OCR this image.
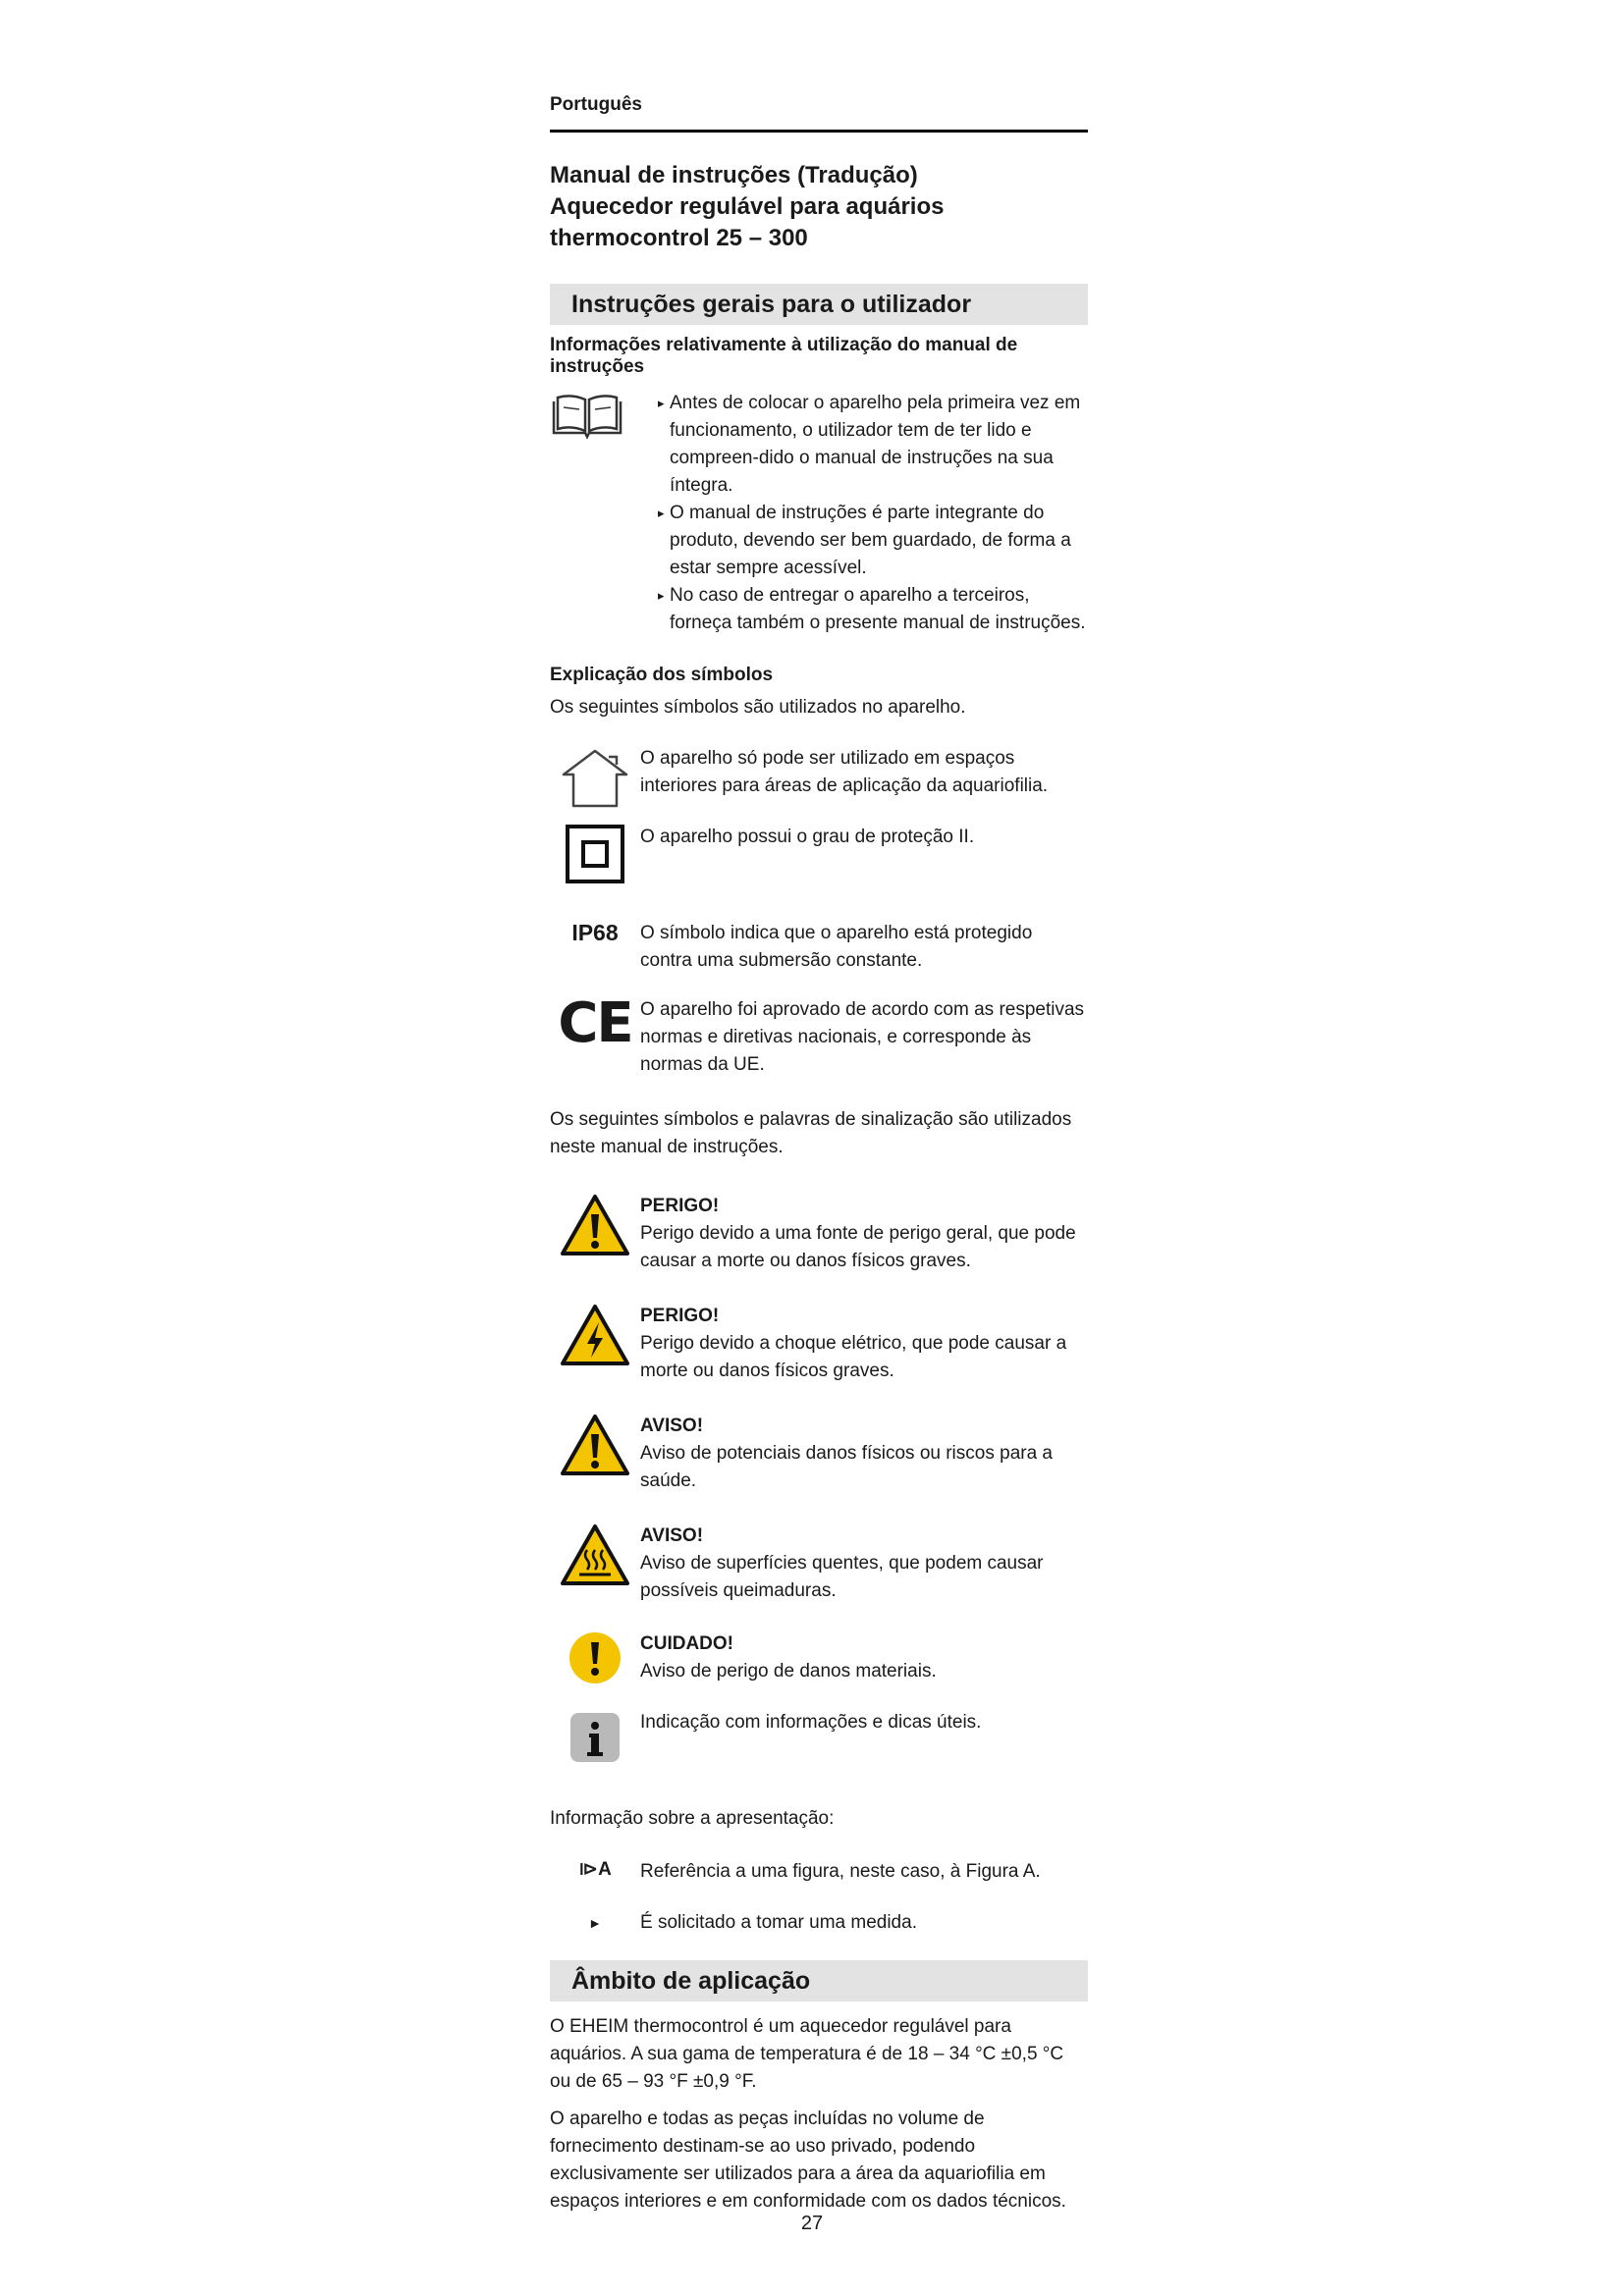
Português
Manual de instruções (Tradução)
Aquecedor regulável para aquários
thermocontrol 25 – 300
Instruções gerais para o utilizador
Informações relativamente à utilização do manual de instruções

▸ Antes de colocar o aparelho pela primeira vez em funcionamento, o utilizador tem de ter lido e compreen-dido o manual de instruções na sua íntegra.

▸ O manual de instruções é parte integrante do produto, devendo ser bem guardado, de forma a estar sempre acessível.

▸ No caso de entregar o aparelho a terceiros, forneça também o presente manual de instruções.

Explicação dos símbolos

Os seguintes símbolos são utilizados no aparelho.

O aparelho só pode ser utilizado em espaços interiores para áreas de aplicação da aquariofilia.

O aparelho possui o grau de proteção II.

IP68 O símbolo indica que o aparelho está protegido contra uma submersão constante.

CE O aparelho foi aprovado de acordo com as respetivas normas e diretivas nacionais, e corresponde às normas da UE.

Os seguintes símbolos e palavras de sinalização são utilizados neste manual de instruções.

PERIGO!

Perigo devido a uma fonte de perigo geral, que pode causar a morte ou danos físicos graves.

PERIGO!

Perigo devido a choque elétrico, que pode causar a morte ou danos físicos graves.

AVISO!

Aviso de potenciais danos físicos ou riscos para a saúde.

AVISO!

Aviso de superfícies quentes, que podem causar possíveis queimaduras.

CUIDADO!

Aviso de perigo de danos materiais.

Indicação com informações e dicas úteis.

Informação sobre a apresentação:

⧐A Referência a uma figura, neste caso, à Figura A.

► É solicitado a tomar uma medida.

Âmbito de aplicação

O EHEIM thermocontrol é um aquecedor regulável para aquários. A sua gama de temperatura é de 18 – 34 °C ±0,5 °C ou de 65 – 93 °F ±0,9 °F.

O aparelho e todas as peças incluídas no volume de fornecimento destinam-se ao uso privado, podendo exclusivamente ser utilizados para a área da aquariofilia em espaços interiores e em conformidade com os dados técnicos.

27
